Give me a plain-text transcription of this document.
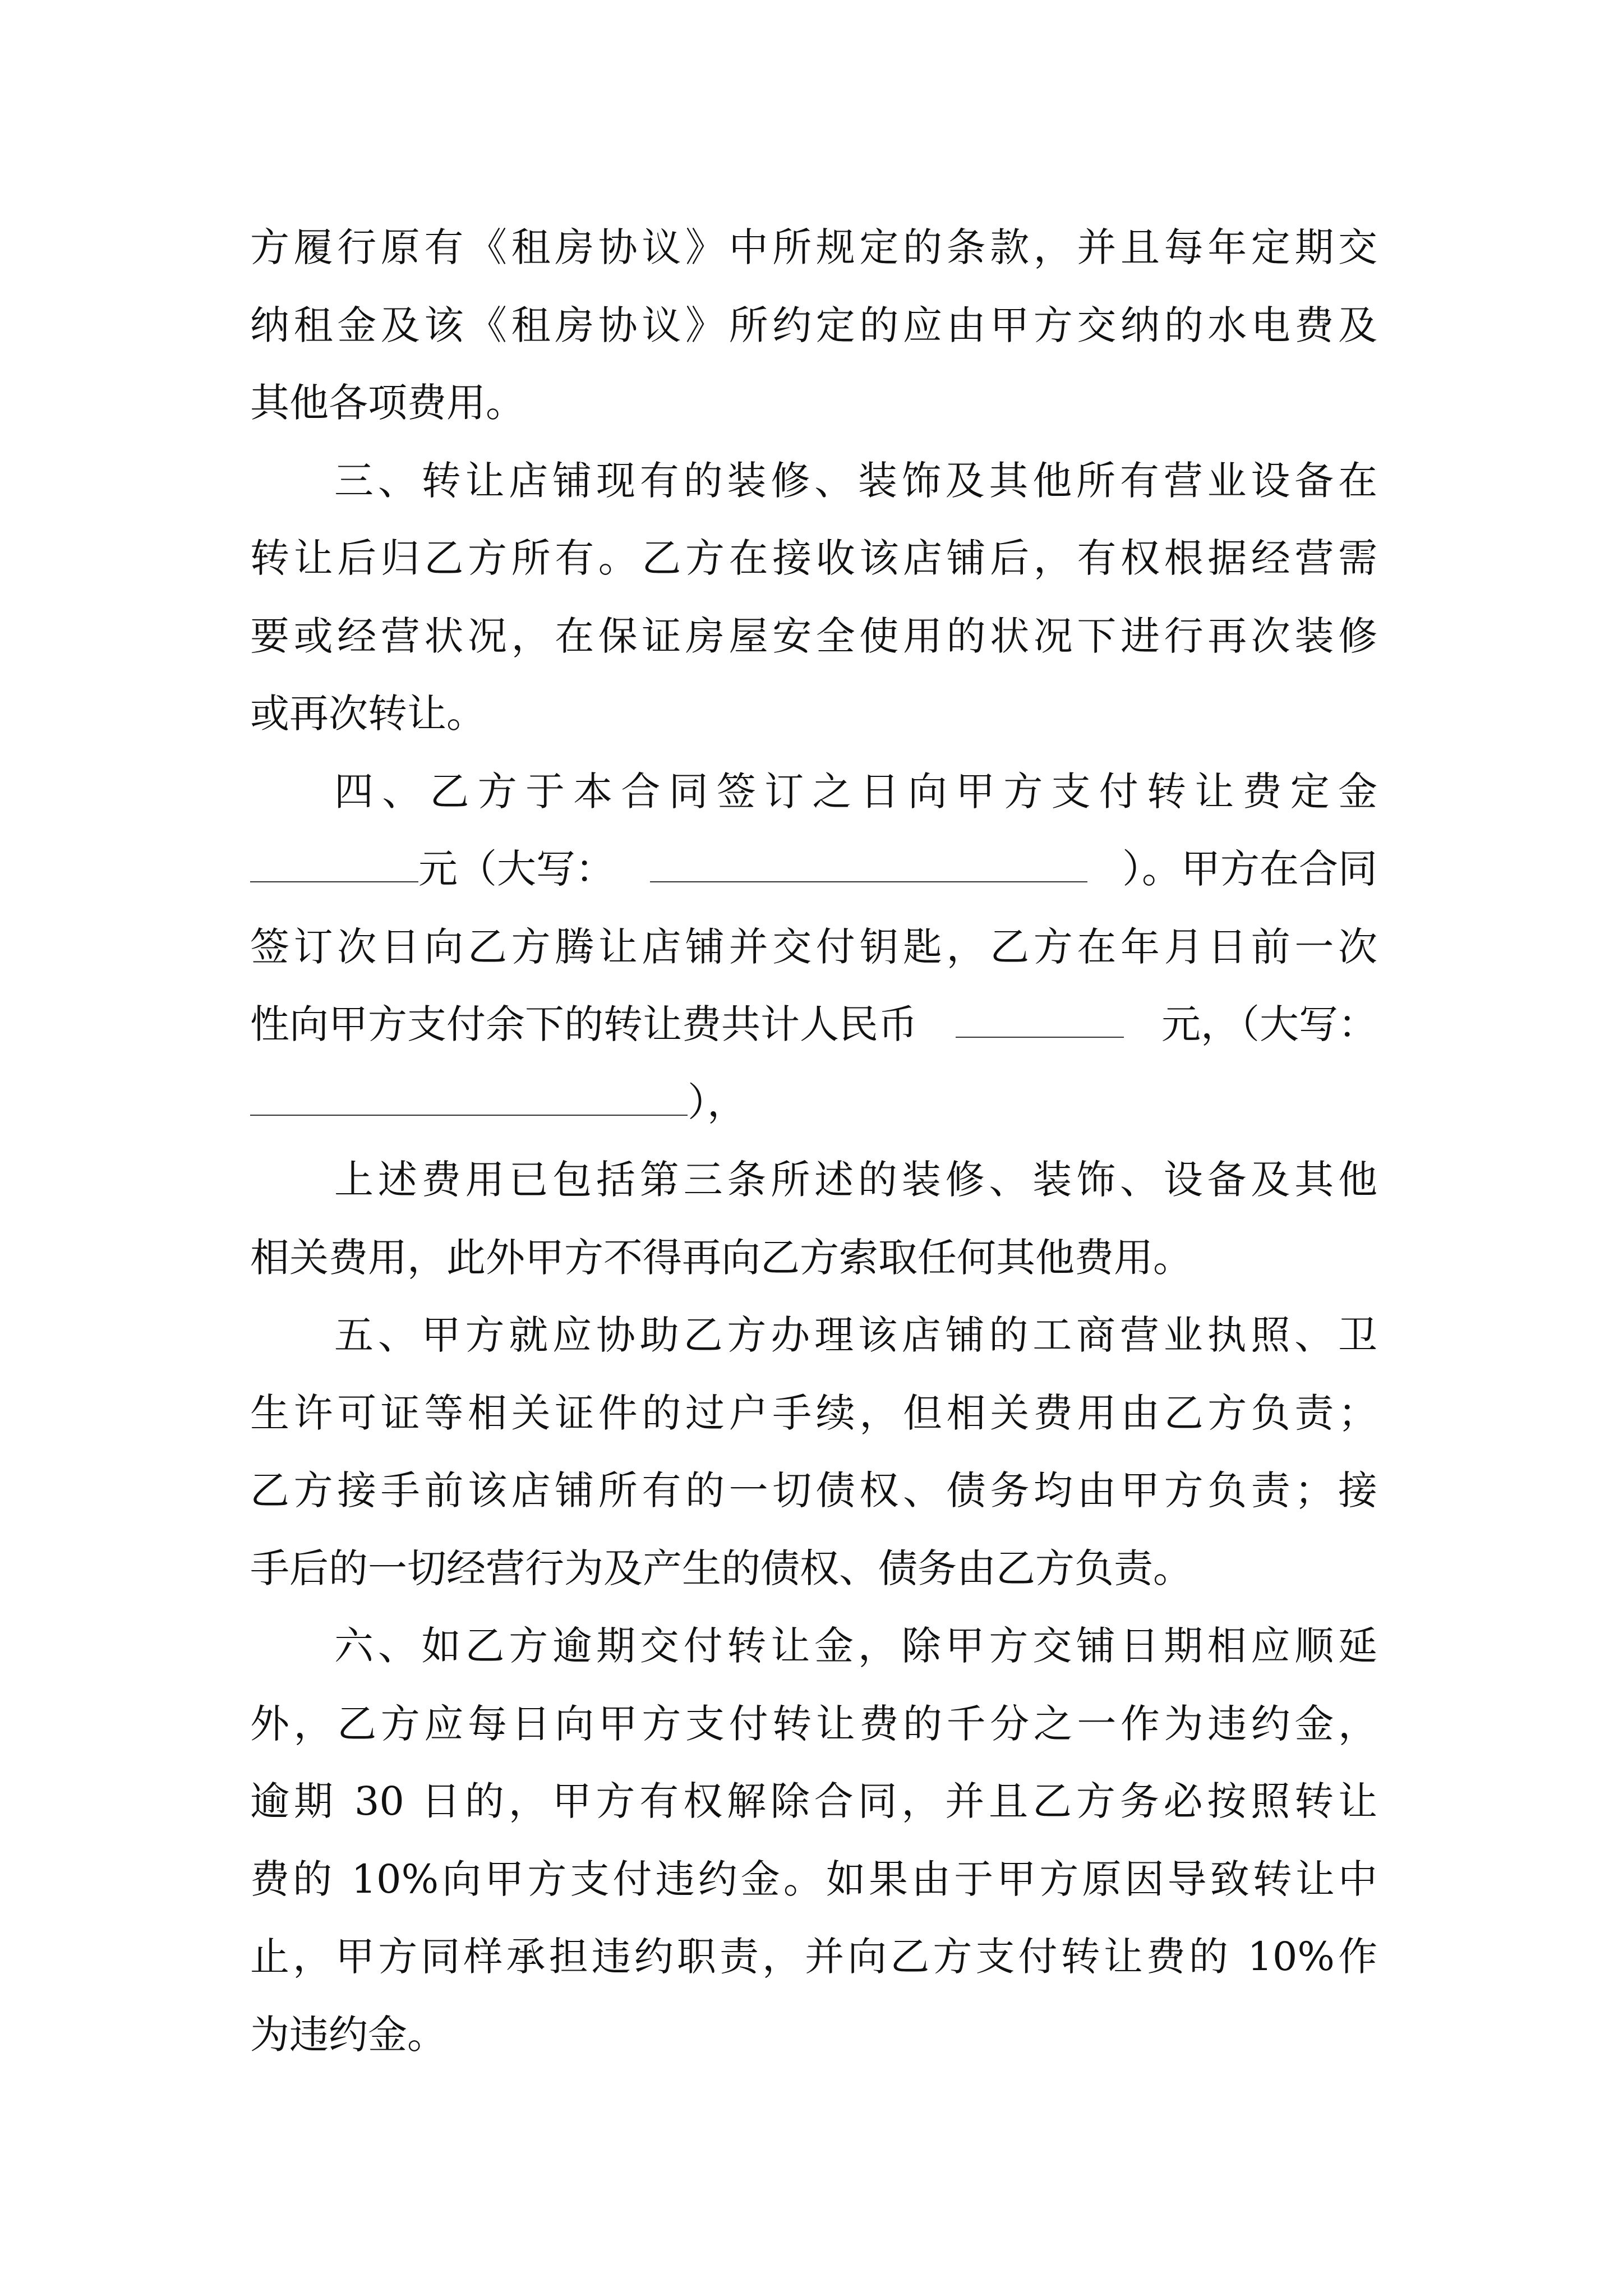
方履行原有《租房协议》中所规定的条款，并且每年定期交
纳租金及该《租房协议》所约定的应由甲方交纳的水电费及
其他各项费用。
三、转让店铺现有的装修、装饰及其他所有营业设备在
转让后归乙方所有。乙方在接收该店铺后，有权根据经营需
要或经营状况，在保证房屋安全使用的状况下进行再次装修
或再次转让。
四、乙方于本合同签订之日向甲方支付转让费定金
元（大写：	）。甲方在合同
签订次日向乙方腾让店铺并交付钥匙，乙方在年月日前一次
性向甲方支付余下的转让费共计人民币	元，（大写：
），
上述费用已包括第三条所述的装修、装饰、设备及其他
相关费用，此外甲方不得再向乙方索取任何其他费用。
五、甲方就应协助乙方办理该店铺的工商营业执照、卫
生许可证等相关证件的过户手续，但相关费用由乙方负责；
乙方接手前该店铺所有的一切债权、债务均由甲方负责；接
手后的一切经营行为及产生的债权、债务由乙方负责。
六、如乙方逾期交付转让金，除甲方交铺日期相应顺延
外，乙方应每日向甲方支付转让费的千分之一作为违约金，
逾期 30 日的，甲方有权解除合同，并且乙方务必按照转让
费的 10%向甲方支付违约金。如果由于甲方原因导致转让中
止，甲方同样承担违约职责，并向乙方支付转让费的 10%作
为违约金。
